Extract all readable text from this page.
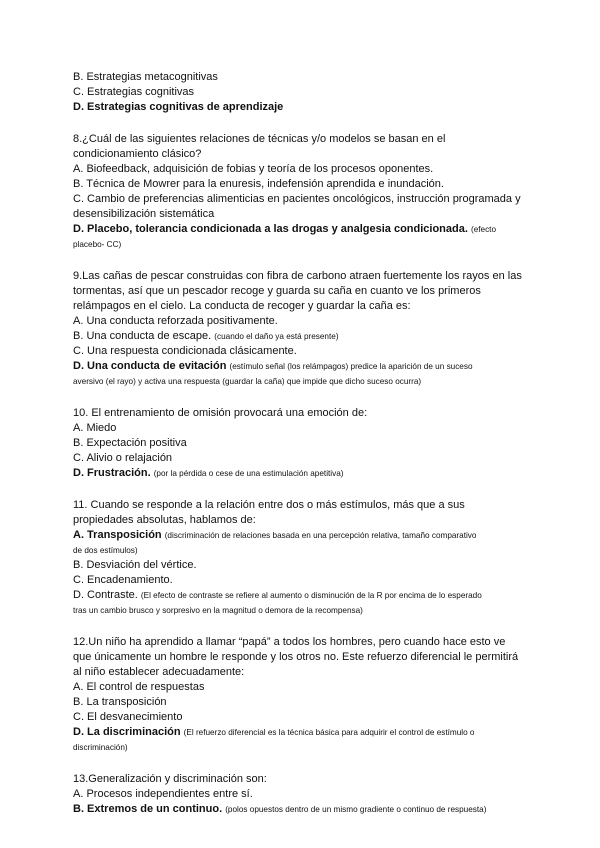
B. Estrategias metacognitivas
C. Estrategias cognitivas
D. Estrategias cognitivas de aprendizaje
8.¿Cuál de las siguientes relaciones de técnicas y/o modelos se basan en el
condicionamiento clásico?
A. Biofeedback, adquisición de fobias y teoría de los procesos oponentes.
B. Técnica de Mowrer para la enuresis, indefensión aprendida e inundación.
C. Cambio de preferencias alimenticias en pacientes oncológicos, instrucción programada y
desensibilización sistemática
D. Placebo, tolerancia condicionada a las drogas y analgesia condicionada. (efecto
placebo- CC)
9.Las cañas de pescar construidas con fibra de carbono atraen fuertemente los rayos en las
tormentas, así que un pescador recoge y guarda su caña en cuanto ve los primeros
relámpagos en el cielo. La conducta de recoger y guardar la caña es:
A. Una conducta reforzada positivamente.
B. Una conducta de escape. (cuando el daño ya está presente)
C. Una respuesta condicionada clásicamente.
D. Una conducta de evitación (estímulo señal (los relámpagos) predice la aparición de un suceso
aversivo (el rayo) y activa una respuesta (guardar la caña) que impide que dicho suceso ocurra)
10. El entrenamiento de omisión provocará una emoción de:
A. Miedo
B. Expectación positiva
C. Alivio o relajación
D. Frustración. (por la pérdida o cese de una estimulación apetitiva)
11. Cuando se responde a la relación entre dos o más estímulos, más que a sus
propiedades absolutas, hablamos de:
A. Transposición (discriminación de relaciones basada en una percepción relativa, tamaño comparativo
de dos estímulos)
B. Desviación del vértice.
C. Encadenamiento.
D. Contraste. (El efecto de contraste se refiere al aumento o disminución de la R por encima de lo esperado
tras un cambio brusco y sorpresivo en la magnitud o demora de la recompensa)
12.Un niño ha aprendido a llamar “papá” a todos los hombres, pero cuando hace esto ve
que únicamente un hombre le responde y los otros no. Este refuerzo diferencial le permitirá
al niño establecer adecuadamente:
A. El control de respuestas
B. La transposición
C. El desvanecimiento
D. La discriminación (El refuerzo diferencial es la técnica básica para adquirir el control de estímulo o
discriminación)
13.Generalización y discriminación son:
A. Procesos independientes entre sí.
B. Extremos de un continuo. (polos opuestos dentro de un mismo gradiente o continuo de respuesta)
